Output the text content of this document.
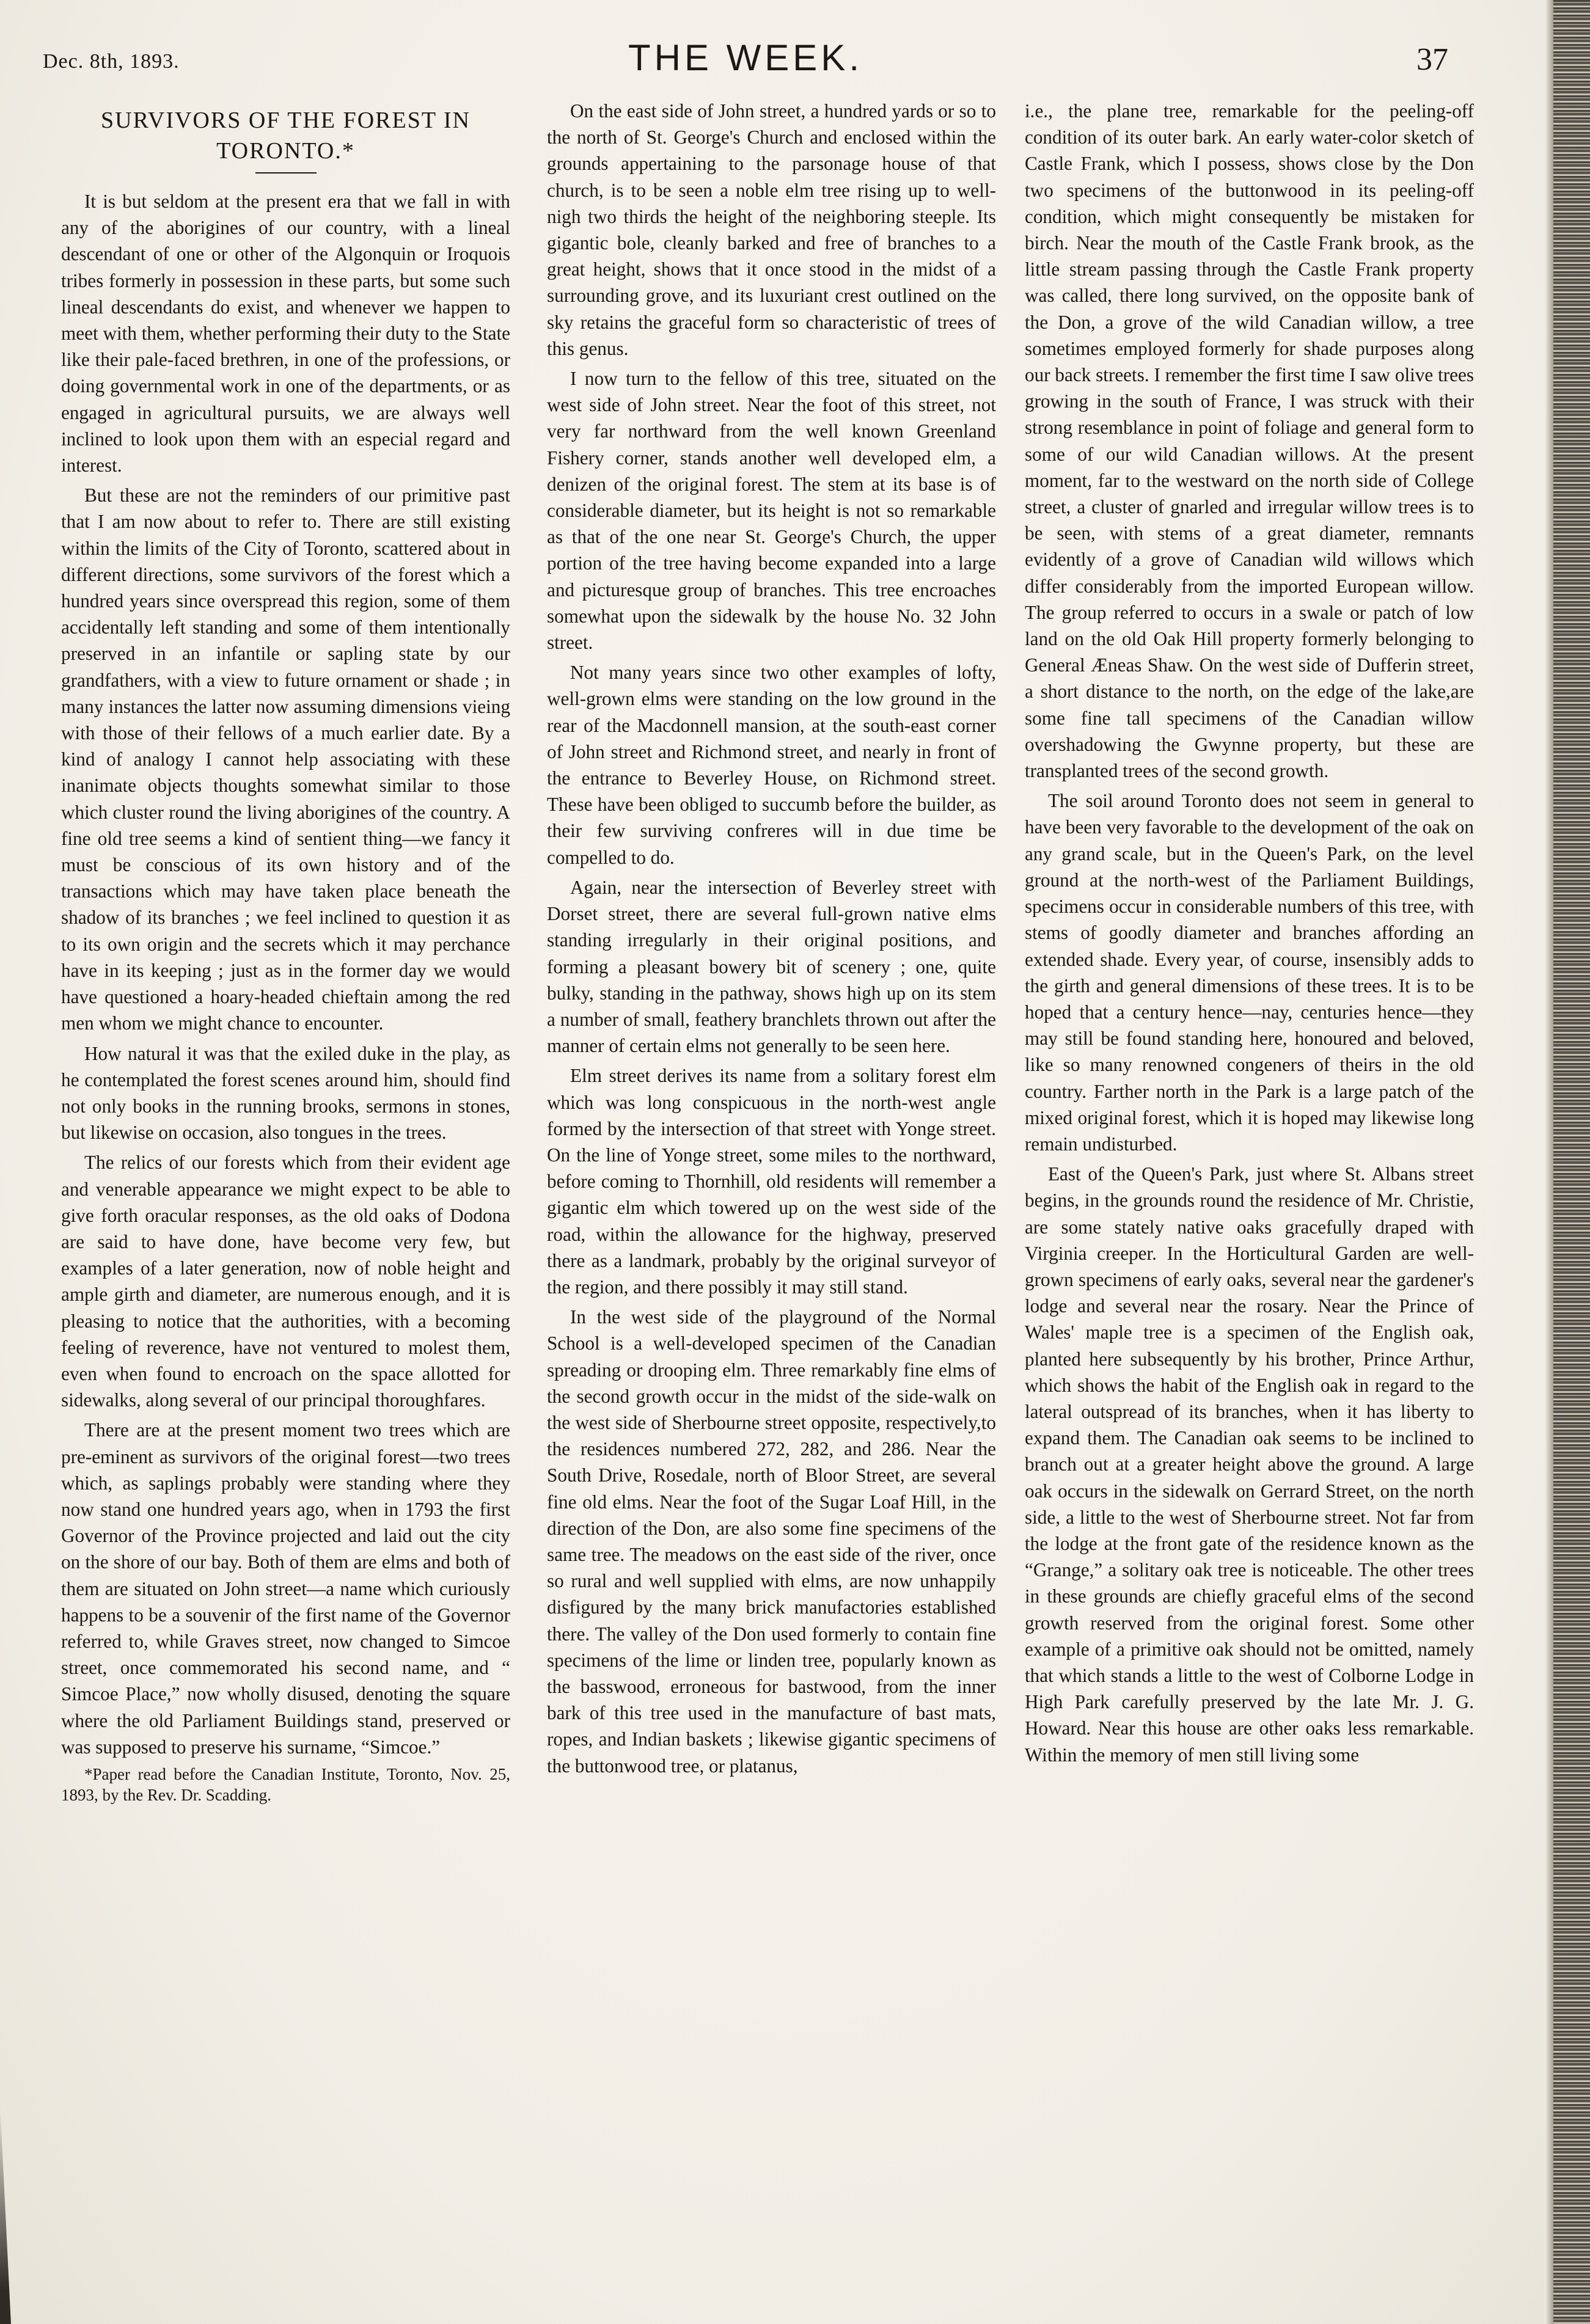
Dec. 8th, 1893.	THE WEEK.	37
SURVIVORS OF THE FOREST IN
TORONTO.*

It is but seldom at the present era that we fall in with any of the aborigines of our country, with a lineal descendant of one or other of the Algonquin or Iroquois tribes formerly in possession in these parts, but some such lineal descendants do exist, and whenever we happen to meet with them, whether performing their duty to the State like their pale-faced brethren, in one of the professions, or doing governmental work in one of the departments, or as engaged in agricultural pursuits, we are always well inclined to look upon them with an especial regard and interest.

But these are not the reminders of our primitive past that I am now about to refer to. There are still existing within the limits of the City of Toronto, scattered about in different directions, some survivors of the forest which a hundred years since overspread this region, some of them accidentally left standing and some of them intentionally preserved in an infantile or sapling state by our grandfathers, with a view to future ornament or shade ; in many instances the latter now assuming dimensions vieing with those of their fellows of a much earlier date. By a kind of analogy I cannot help associating with these inanimate objects thoughts somewhat similar to those which cluster round the living aborigines of the country. A fine old tree seems a kind of sentient thing—we fancy it must be conscious of its own history and of the transactions which may have taken place beneath the shadow of its branches ; we feel inclined to question it as to its own origin and the secrets which it may perchance have in its keeping ; just as in the former day we would have questioned a hoary-headed chieftain among the red men whom we might chance to encounter.

How natural it was that the exiled duke in the play, as he contemplated the forest scenes around him, should find not only books in the running brooks, sermons in stones, but likewise on occasion, also tongues in the trees.

The relics of our forests which from their evident age and venerable appearance we might expect to be able to give forth oracular responses, as the old oaks of Dodona are said to have done, have become very few, but examples of a later generation, now of noble height and ample girth and diameter, are numerous enough, and it is pleasing to notice that the authorities, with a becoming feeling of reverence, have not ventured to molest them, even when found to encroach on the space allotted for sidewalks, along several of our principal thoroughfares.

There are at the present moment two trees which are pre-eminent as survivors of the original forest—two trees which, as saplings probably were standing where they now stand one hundred years ago, when in 1793 the first Governor of the Province projected and laid out the city on the shore of our bay. Both of them are elms and both of them are situated on John street—a name which curiously happens to be a souvenir of the first name of the Governor referred to, while Graves street, now changed to Simcoe street, once commemorated his second name, and “ Simcoe Place,” now wholly disused, denoting the square where the old Parliament Buildings stand, preserved or was supposed to preserve his surname, “Simcoe.”

*Paper read before the Canadian Institute, Toronto, Nov. 25, 1893, by the Rev. Dr. Scadding.

On the east side of John street, a hundred yards or so to the north of St. George's Church and enclosed within the grounds appertaining to the parsonage house of that church, is to be seen a noble elm tree rising up to well-nigh two thirds the height of the neighboring steeple. Its gigantic bole, cleanly barked and free of branches to a great height, shows that it once stood in the midst of a surrounding grove, and its luxuriant crest outlined on the sky retains the graceful form so characteristic of trees of this genus.

I now turn to the fellow of this tree, situated on the west side of John street. Near the foot of this street, not very far northward from the well known Greenland Fishery corner, stands another well developed elm, a denizen of the original forest. The stem at its base is of considerable diameter, but its height is not so remarkable as that of the one near St. George's Church, the upper portion of the tree having become expanded into a large and picturesque group of branches. This tree encroaches somewhat upon the sidewalk by the house No. 32 John street.

Not many years since two other examples of lofty, well-grown elms were standing on the low ground in the rear of the Macdonnell mansion, at the south-east corner of John street and Richmond street, and nearly in front of the entrance to Beverley House, on Richmond street. These have been obliged to succumb before the builder, as their few surviving confreres will in due time be compelled to do.

Again, near the intersection of Beverley street with Dorset street, there are several full-grown native elms standing irregularly in their original positions, and forming a pleasant bowery bit of scenery ; one, quite bulky, standing in the pathway, shows high up on its stem a number of small, feathery branchlets thrown out after the manner of certain elms not generally to be seen here.

Elm street derives its name from a solitary forest elm which was long conspicuous in the north-west angle formed by the intersection of that street with Yonge street. On the line of Yonge street, some miles to the northward, before coming to Thornhill, old residents will remember a gigantic elm which towered up on the west side of the road, within the allowance for the highway, preserved there as a landmark, probably by the original surveyor of the region, and there possibly it may still stand.

In the west side of the playground of the Normal School is a well-developed specimen of the Canadian spreading or drooping elm. Three remarkably fine elms of the second growth occur in the midst of the side-walk on the west side of Sherbourne street opposite, respectively,to the residences numbered 272, 282, and 286. Near the South Drive, Rosedale, north of Bloor Street, are several fine old elms. Near the foot of the Sugar Loaf Hill, in the direction of the Don, are also some fine specimens of the same tree. The meadows on the east side of the river, once so rural and well supplied with elms, are now unhappily disfigured by the many brick manufactories established there. The valley of the Don used formerly to contain fine specimens of the lime or linden tree, popularly known as the basswood, erroneous for bastwood, from the inner bark of this tree used in the manufacture of bast mats, ropes, and Indian baskets ; likewise gigantic specimens of the buttonwood tree, or platanus,

i.e., the plane tree, remarkable for the peeling-off condition of its outer bark. An early water-color sketch of Castle Frank, which I possess, shows close by the Don two specimens of the buttonwood in its peeling-off condition, which might consequently be mistaken for birch. Near the mouth of the Castle Frank brook, as the little stream passing through the Castle Frank property was called, there long survived, on the opposite bank of the Don, a grove of the wild Canadian willow, a tree sometimes employed formerly for shade purposes along our back streets. I remember the first time I saw olive trees growing in the south of France, I was struck with their strong resemblance in point of foliage and general form to some of our wild Canadian willows. At the present moment, far to the westward on the north side of College street, a cluster of gnarled and irregular willow trees is to be seen, with stems of a great diameter, remnants evidently of a grove of Canadian wild willows which differ considerably from the imported European willow. The group referred to occurs in a swale or patch of low land on the old Oak Hill property formerly belonging to General Æneas Shaw. On the west side of Dufferin street, a short distance to the north, on the edge of the lake,are some fine tall specimens of the Canadian willow overshadowing the Gwynne property, but these are transplanted trees of the second growth.

The soil around Toronto does not seem in general to have been very favorable to the development of the oak on any grand scale, but in the Queen's Park, on the level ground at the north-west of the Parliament Buildings, specimens occur in considerable numbers of this tree, with stems of goodly diameter and branches affording an extended shade. Every year, of course, insensibly adds to the girth and general dimensions of these trees. It is to be hoped that a century hence—nay, centuries hence—they may still be found standing here, honoured and beloved, like so many renowned congeners of theirs in the old country. Farther north in the Park is a large patch of the mixed original forest, which it is hoped may likewise long remain undisturbed.

East of the Queen's Park, just where St. Albans street begins, in the grounds round the residence of Mr. Christie, are some stately native oaks gracefully draped with Virginia creeper. In the Horticultural Garden are well-grown specimens of early oaks, several near the gardener's lodge and several near the rosary. Near the Prince of Wales' maple tree is a specimen of the English oak, planted here subsequently by his brother, Prince Arthur, which shows the habit of the English oak in regard to the lateral outspread of its branches, when it has liberty to expand them. The Canadian oak seems to be inclined to branch out at a greater height above the ground. A large oak occurs in the sidewalk on Gerrard Street, on the north side, a little to the west of Sherbourne street. Not far from the lodge at the front gate of the residence known as the “Grange,” a solitary oak tree is noticeable. The other trees in these grounds are chiefly graceful elms of the second growth reserved from the original forest. Some other example of a primitive oak should not be omitted, namely that which stands a little to the west of Colborne Lodge in High Park carefully preserved by the late Mr. J. G. Howard. Near this house are other oaks less remarkable. Within the memory of men still living some
